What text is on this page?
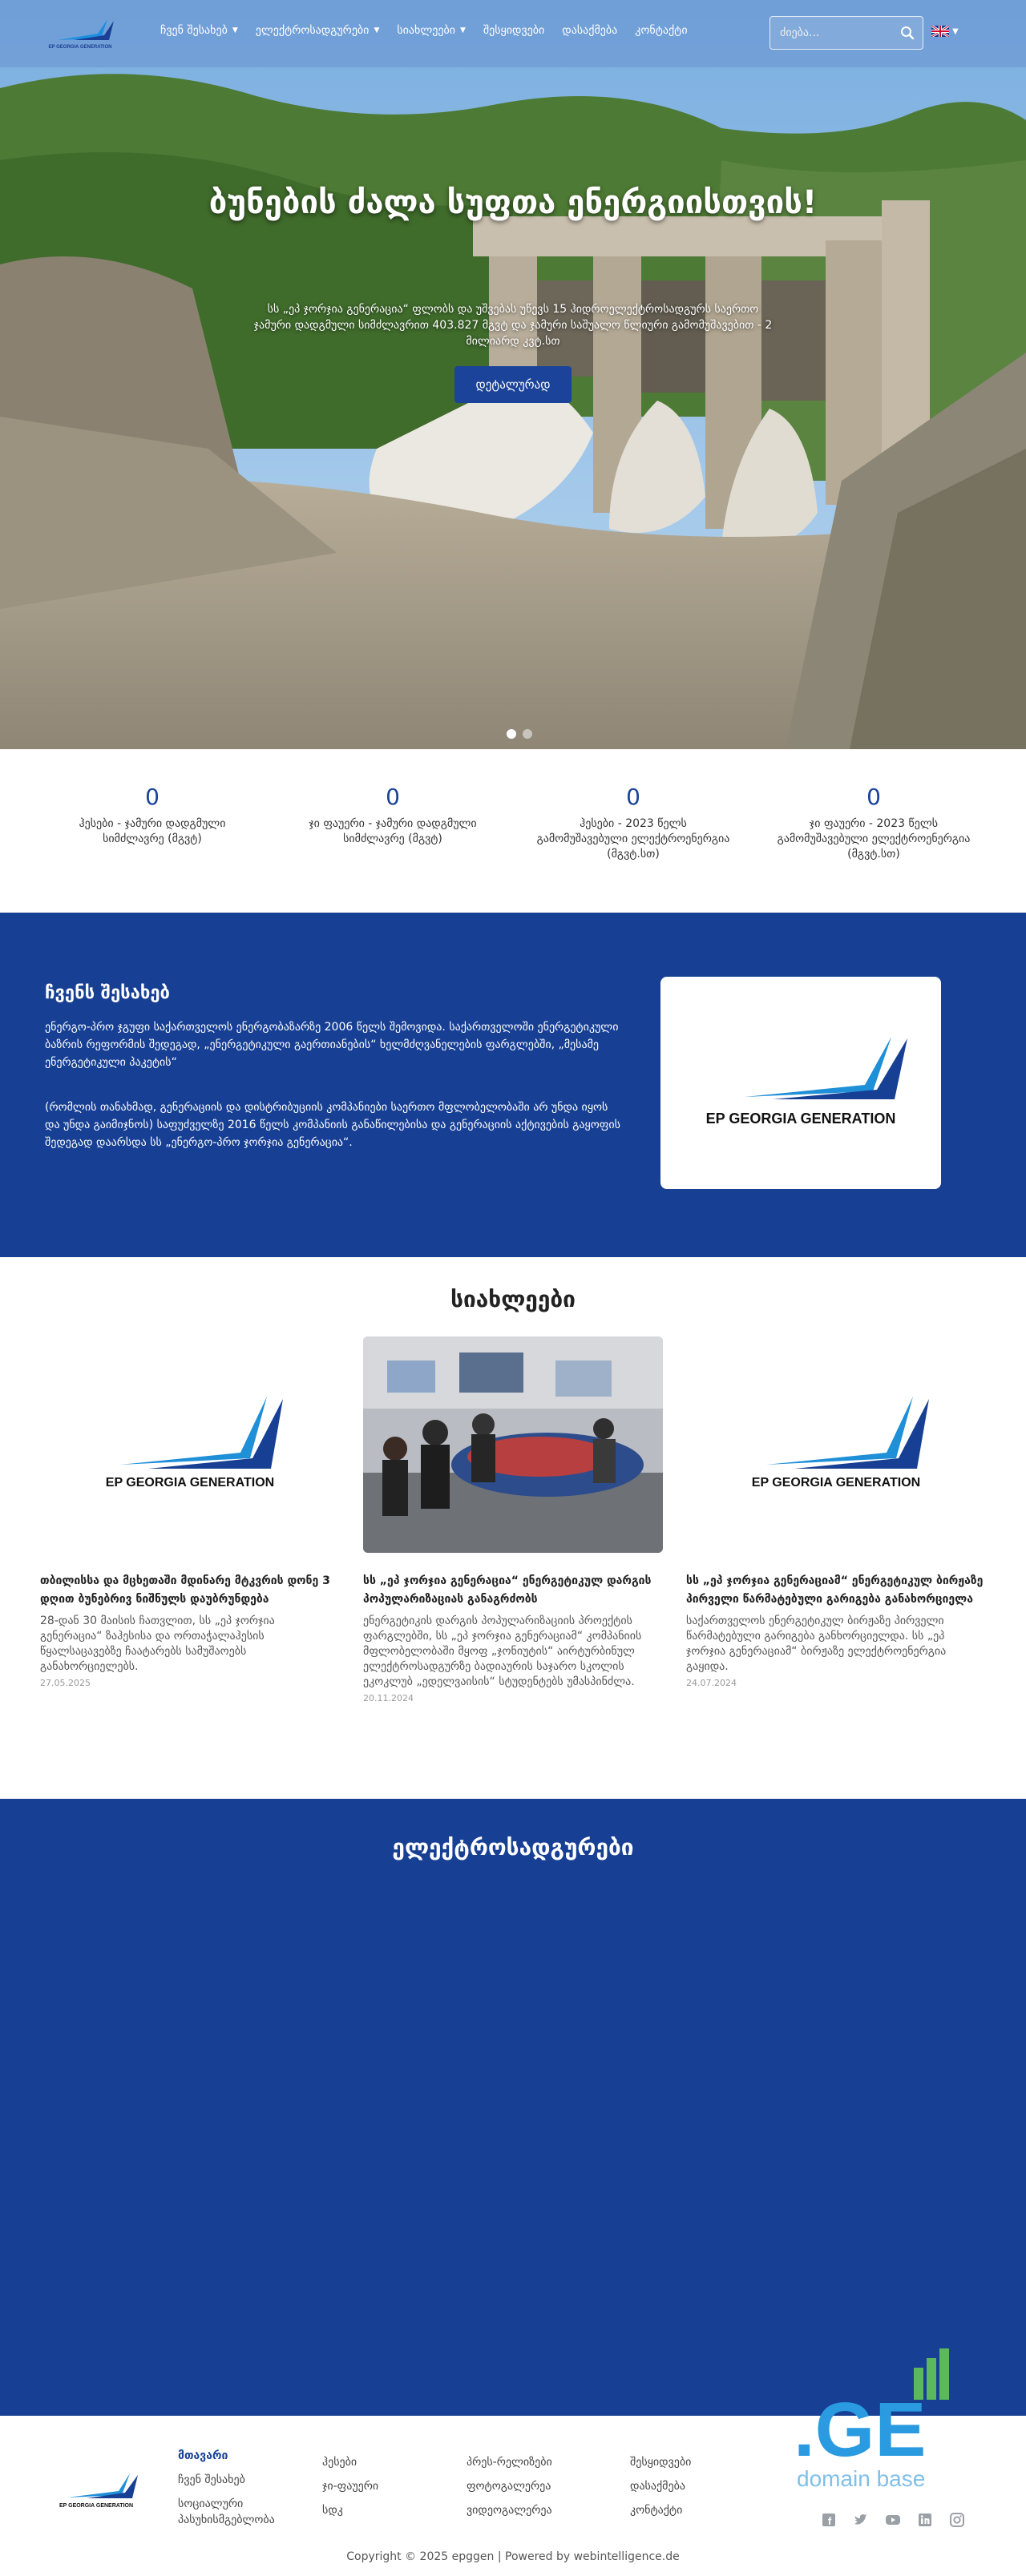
ბუნების ძალა სუფთა ენერგიისთვის!
სს „ეპ ჯორჯია გენერაცია“ ფლობს და უშვებას უწევს 15 ჰიდროელექტროსადგურს საერთო ჯამური დადგმული სიმძლავრით 403.827 მგვტ და ჯამური საშუალო წლიური გამომუშავებით - 2 მილიარდ კვტ.სთ
დეტალურად
EP GEORGIA GENERATION
ჩვენ შესახებ ▼ ელექტროსადგურები ▼ სიახლეები ▼ შესყიდვები დასაქმება კონტაქტი
ძიება...	▼
0
ჰესები - ჯამური დადგმული სიმძლავრე (მგვტ)
0
ჯი ფაუერი - ჯამური დადგმული სიმძლავრე (მგვტ)
0
ჰესები - 2023 წელს გამომუშავებული ელექტროენერგია (მგვტ.სთ)
0
ჯი ფაუერი - 2023 წელს გამომუშავებული ელექტროენერგია (მგვტ.სთ)
ჩვენს შესახებ

ენერგო-პრო ჯგუფი საქართველოს ენერგობაზარზე 2006 წელს შემოვიდა. საქართველოში ენერგეტიკული ბაზრის რეფორმის შედეგად, „ენერგეტიკული გაერთიანების“ ხელმძღვანელების ფარგლებში, „მესამე ენერგეტიკული პაკეტის“

(რომლის თანახმად, გენერაციის და დისტრიბუციის კომპანიები საერთო მფლობელობაში არ უნდა იყოს და უნდა გაიმიჯნოს) საფუძველზე 2016 წელს კომპანიის განაწილებისა და გენერაციის აქტივების გაყოფის შედეგად დაარსდა სს „ენერგო-პრო ჯორჯია გენერაცია“.

EP GEORGIA GENERATION
სიახლეები
EP GEORGIA GENERATION
თბილისსა და მცხეთაში მდინარე მტკვრის დონე 3 დღით ბუნებრივ ნიშნულს დაუბრუნდება
28-დან 30 მაისის ჩათვლით, სს „ეპ ჯორჯია გენერაცია“ ზაჰესისა და ორთაჭალაჰესის წყალსაცავებზე ჩაატარებს სამუშაოებს განახორციელებს.
27.05.2025
სს „ეპ ჯორჯია გენერაცია“ ენერგეტიკულ დარგის პოპულარიზაციას განაგრძობს
ენერგეტიკის დარგის პოპულარიზაციის პროექტის ფარგლებში, სს „ეპ ჯორჯია გენერაციამ“ კომპანიის მფლობელობაში მყოფ „ჯონიუტის“ აირტურბინულ ელექტროსადგურზე ბადიაურის საჯარო სკოლის ეკოკლუბ „ედელვაისის“ სტუდენტებს უმასპინძლა.
20.11.2024
EP GEORGIA GENERATION
სს „ეპ ჯორჯია გენერაციამ“ ენერგეტიკულ ბირჟაზე პირველი წარმატებული გარიგება განახორციელა
საქართველოს ენერგეტიკულ ბირჟაზე პირველი წარმატებული გარიგება განხორციელდა. სს „ეპ ჯორჯია გენერაციამ“ ბირჟაზე ელექტროენერგია გაყიდა.
24.07.2024
ელექტროსადგურები
EP GEORGIA GENERATION
მთავარი
ჩვენ შესახებ
სოციალური პასუხისმგებლობა
ჰესები
ჯი-ფაუერი
სდკ
პრეს-რელიზები
ფოტოგალერეა
ვიდეოგალერეა
შესყიდვები
დასაქმება
კონტაქტი
.GE
domain base
f
Copyright © 2025 epggen | Powered by webintelligence.de
